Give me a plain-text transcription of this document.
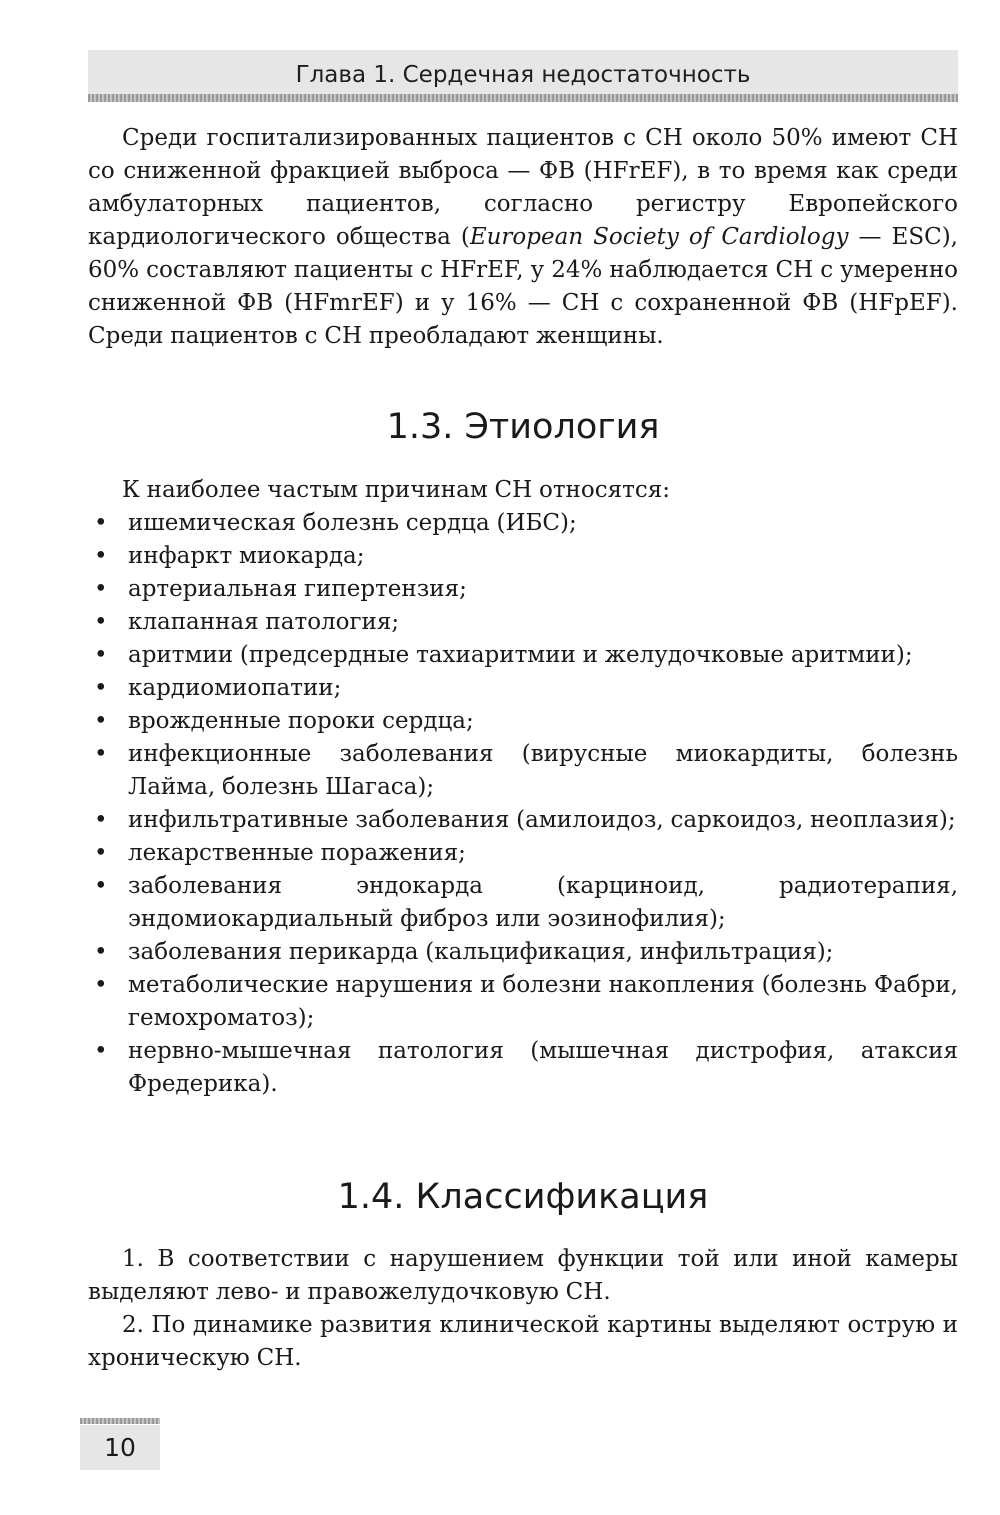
Глава 1. Сердечная недостаточность

Среди госпитализированных пациентов с СН около 50% имеют СН со сниженной фракцией выброса — ФВ (HFrEF), в то время как среди амбулаторных пациентов, согласно регистру Европейского кардиологического общества (European Society of Cardiology — ESC), 60% составляют пациенты с HFrEF, у 24% наблюдается СН с умеренно сниженной ФВ (HFmrEF) и у 16% — СН с сохраненной ФВ (HFpEF). Среди пациентов с СН преобладают женщины.

1.3. Этиология

К наиболее частым причинам СН относятся:

• ишемическая болезнь сердца (ИБС);
• инфаркт миокарда;
• артериальная гипертензия;
• клапанная патология;
• аритмии (предсердные тахиаритмии и желудочковые аритмии);
• кардиомиопатии;
• врожденные пороки сердца;
• инфекционные заболевания (вирусные миокардиты, болезнь Лайма, болезнь Шагаса);
• инфильтративные заболевания (амилоидоз, саркоидоз, неоплазия);
• лекарственные поражения;
• заболевания эндокарда (карциноид, радиотерапия, эндомиокардиальный фиброз или эозинофилия);
• заболевания перикарда (кальцификация, инфильтрация);
• метаболические нарушения и болезни накопления (болезнь Фабри, гемохроматоз);
• нервно-мышечная патология (мышечная дистрофия, атаксия Фредерика).
1.4. Классификация

1. В соответствии с нарушением функции той или иной камеры выделяют лево- и правожелудочковую СН.

2. По динамике развития клинической картины выделяют острую и хроническую СН.

10
